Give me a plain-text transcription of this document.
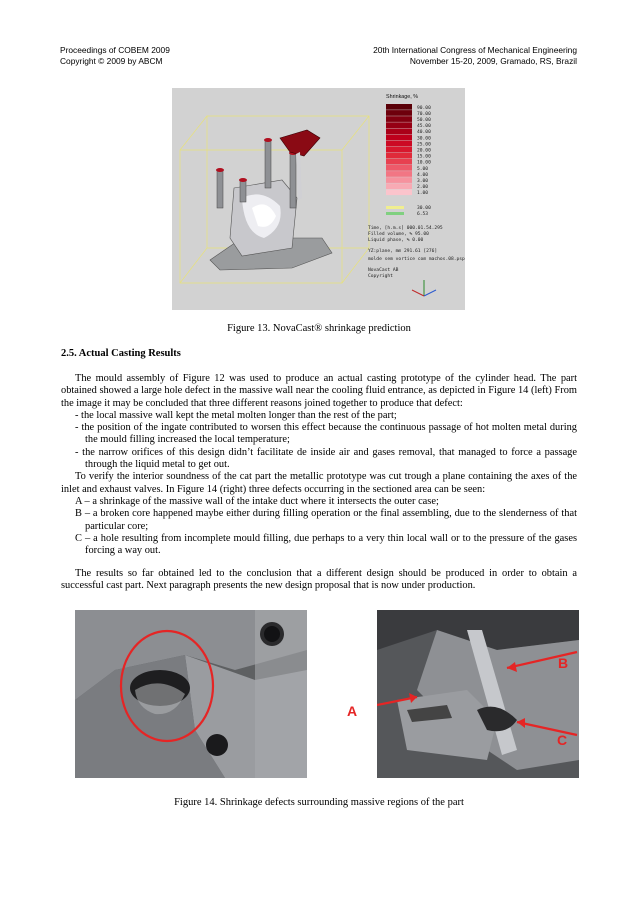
Proceedings of COBEM 2009
Copyright © 2009 by ABCM
20th International Congress of Mechanical Engineering
November 15-20, 2009, Gramado, RS, Brazil
Shrinkage, %
90.00
70.00
50.00
45.00
40.00
30.00
25.00
20.00
15.00
10.00
5.00
4.00
3.00
2.00
1.00
30.00
6.53
Time, [h.m.s] 000.01.54.295
Filled volume, % 95.00
Liquid phase, % 0.00
YZ:plane, mm 291.61 [276]
molde sem vortice com machos.08.psp
NovaCast AB
Copyright
Figure 13. NovaCast® shrinkage prediction
2.5. Actual Casting Results

The mould assembly of Figure 12 was used to produce an actual casting prototype of the cylinder head. The part obtained showed a large hole defect in the massive wall near the cooling fluid entrance, as depicted in Figure 14 (left) From the image it may be concluded that three different reasons joined together to produce that defect:

- the local massive wall kept the metal molten longer than the rest of the part;

- the position of the ingate contributed to worsen this effect because the continuous passage of hot molten metal during the mould filling increased the local temperature;

- the narrow orifices of this design didn’t facilitate de inside air and gases removal, that managed to force a passage through the liquid metal to get out.

To verify the interior soundness of the cat part the metallic prototype was cut trough a plane containing the axes of the inlet and exhaust valves. In Figure 14 (right) three defects occurring in the sectioned area can be seen:

A – a shrinkage of the massive wall of the intake duct where it intersects the outer case;

B – a broken core happened maybe either during filling operation or the final assembling, due to the slenderness of that particular core;

C – a hole resulting from incomplete mould filling, due perhaps to a very thin local wall or to the pressure of the gases forcing a way out.

The results so far obtained led to the conclusion that a different design should be produced in order to obtain a successful cast part. Next paragraph presents the new design proposal that is now under production.

B
A
C
Figure 14. Shrinkage defects surrounding massive regions of the part
